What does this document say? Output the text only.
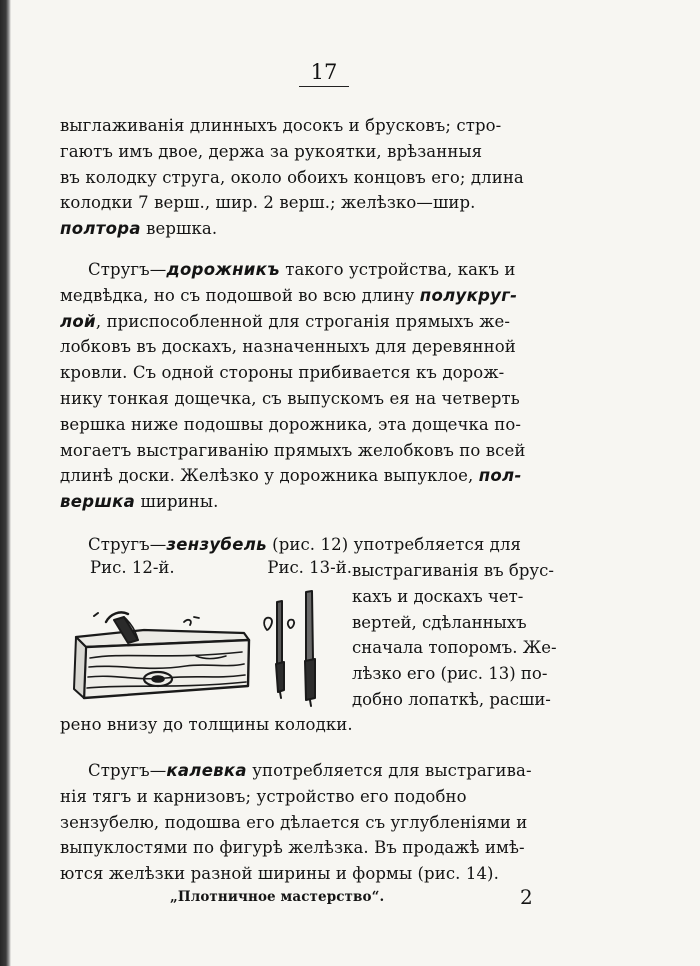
17
выглаживанія длинныхъ досокъ и брусковъ; стро-
гаютъ имъ двое, держа за рукоятки, врѣзанныя
въ колодку струга, около обоихъ концовъ его; длина
колодки 7 верш., шир. 2 верш.; желѣзко—шир.
полтора вершка.
Стругъ—дорожникъ такого устройства, какъ и
медвѣдка, но съ подошвой во всю длину полукруг-
лой, приспособленной для строганія прямыхъ же-
лобковъ въ доскахъ, назначенныхъ для деревянной
кровли. Съ одной стороны прибивается къ дорож-
нику тонкая дощечка, съ выпускомъ ея на четверть
вершка ниже подошвы дорожника, эта дощечка по-
могаетъ выстрагиванію прямыхъ желобковъ по всей
длинѣ доски. Желѣзко у дорожника выпуклое, пол-
вершка ширины.
Стругъ—зензубель (рис. 12) употребляется для
Рис. 12-й.	Рис. 13-й. выстрагиванія въ брус-
кахъ и доскахъ чет-
вертей, сдѣланныхъ
сначала топоромъ. Же-
лѣзко его (рис. 13) по-
добно лопаткѣ, расши-
рено внизу до толщины колодки.
Стругъ—калевка употребляется для выстрагива-
нія тягъ и карнизовъ; устройство его подобно
зензубелю, подошва его дѣлается съ углубленіями и
выпуклостями по фигурѣ желѣзка. Въ продажѣ имѣ-
ются желѣзки разной ширины и формы (рис. 14).
„Плотничное мастерство“.	2
